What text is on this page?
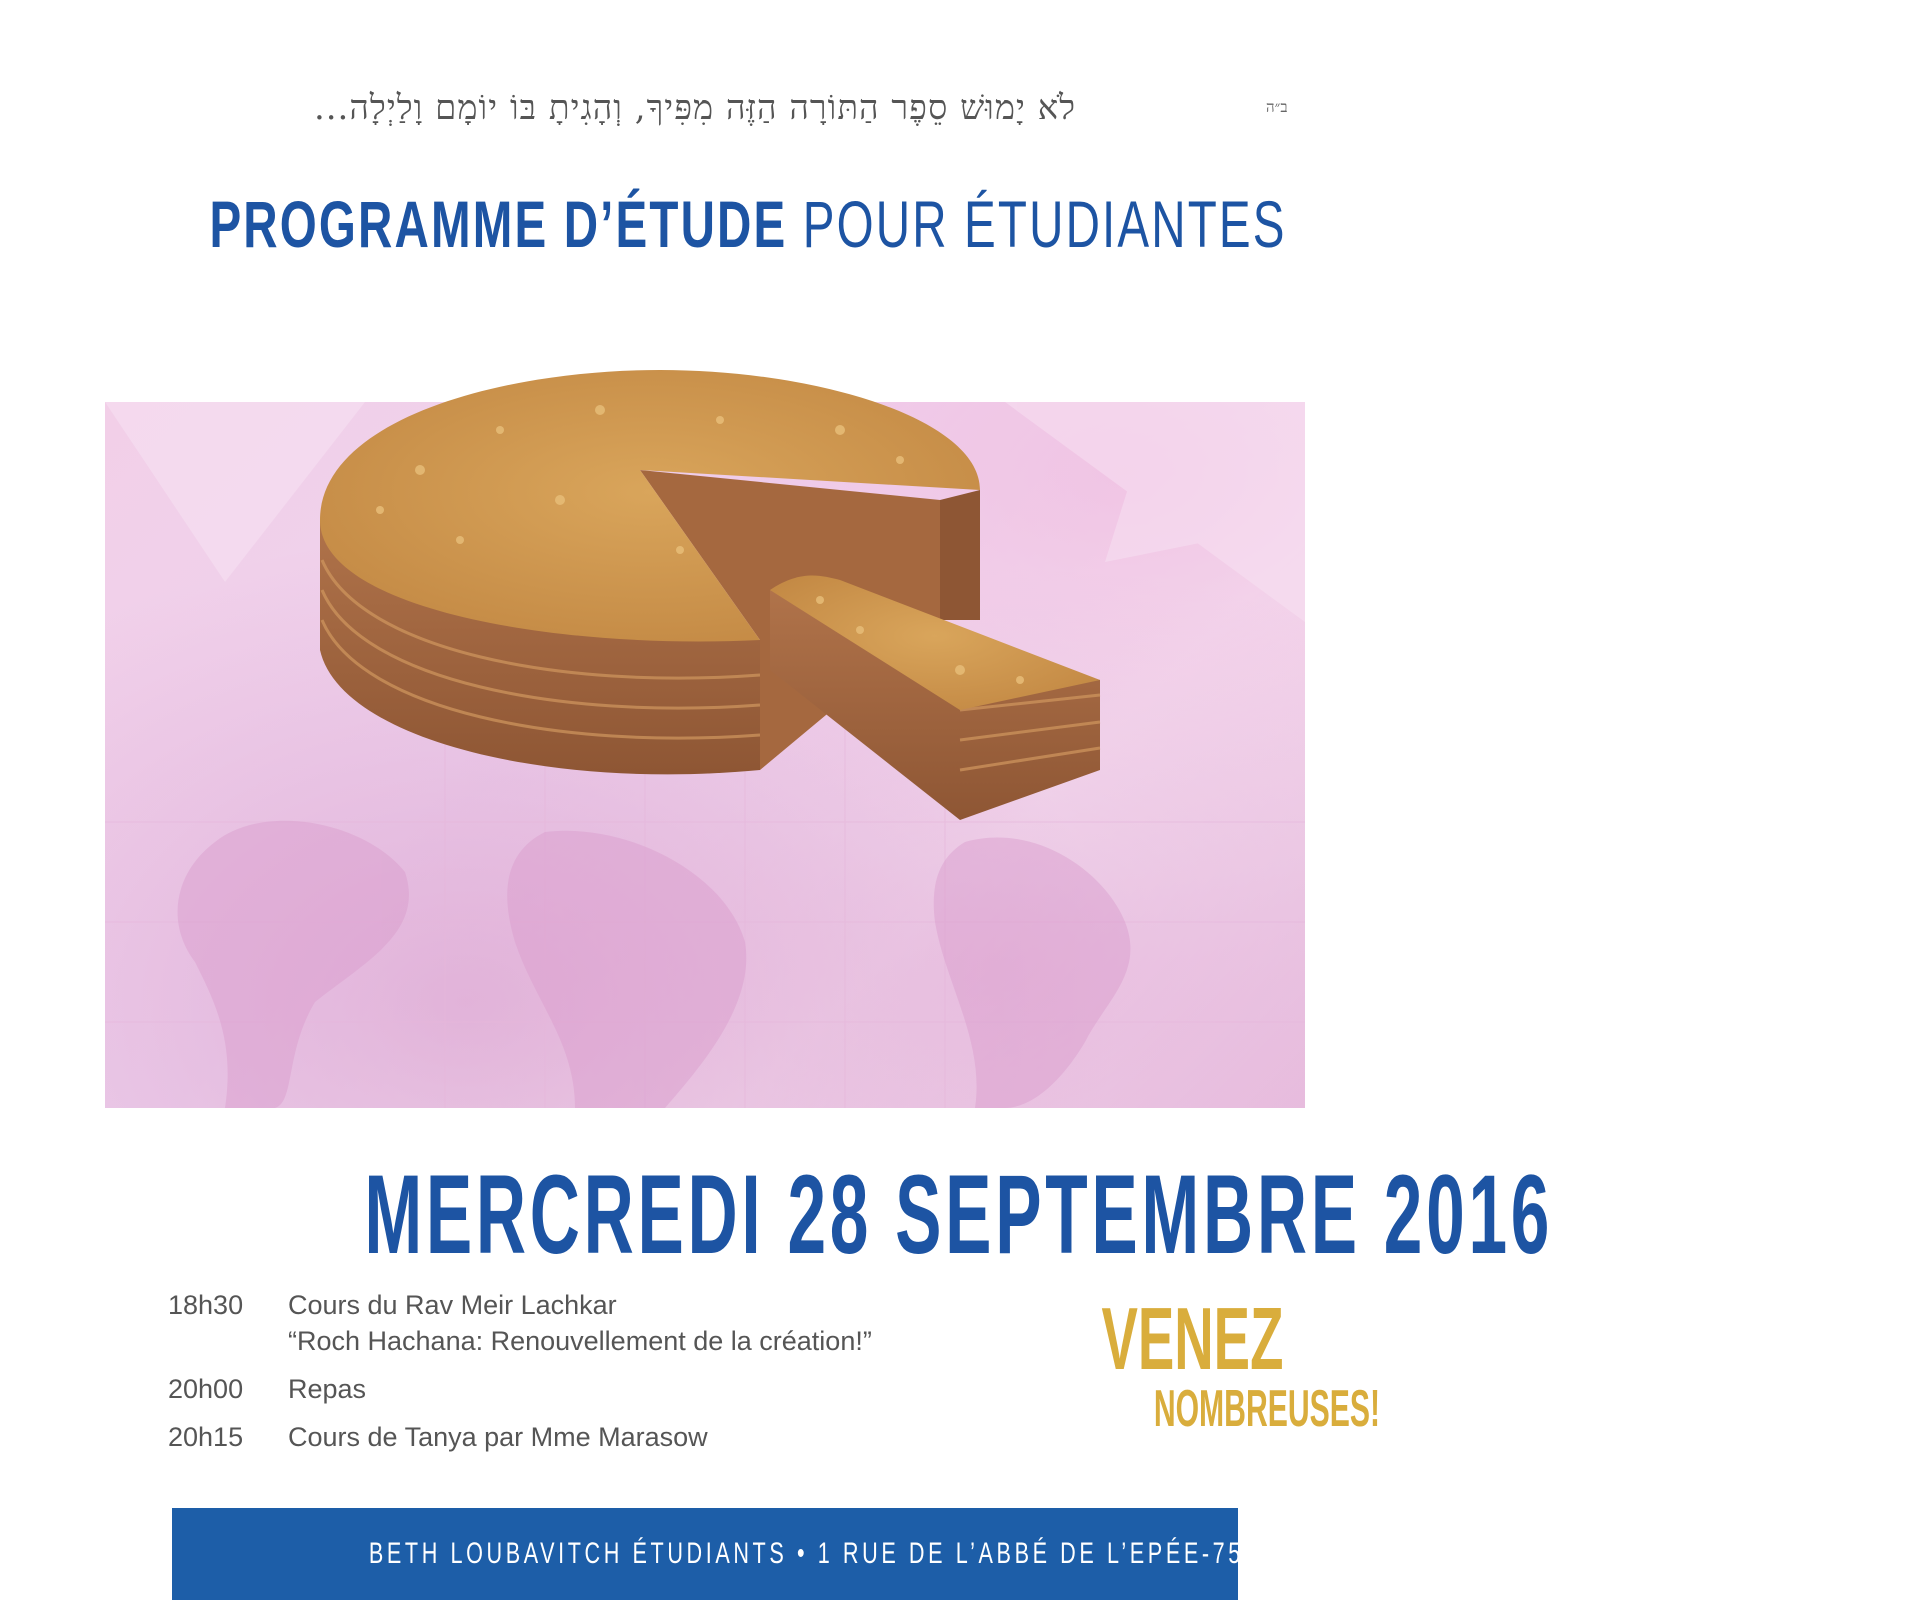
ב״ה
לֹא יָמוּשׁ סֵפֶר הַתּוֹרָה הַזֶּה מִפִּיךָ, וְהָגִיתָ בּוֹ יוֹמָם וָלַיְלָה...
PROGRAMME D’ÉTUDE POUR ÉTUDIANTES
MERCREDI 28 SEPTEMBRE 2016
18h30 Cours du Rav Meir Lachkar
“Roch Hachana: Renouvellement de la création!”
20h00 Repas
20h15 Cours de Tanya par Mme Marasow
VENEZ
NOMBREUSES!
BETH LOUBAVITCH ÉTUDIANTS • 1 RUE DE L’ABBÉ DE L’EPÉE-75005 PARIS
